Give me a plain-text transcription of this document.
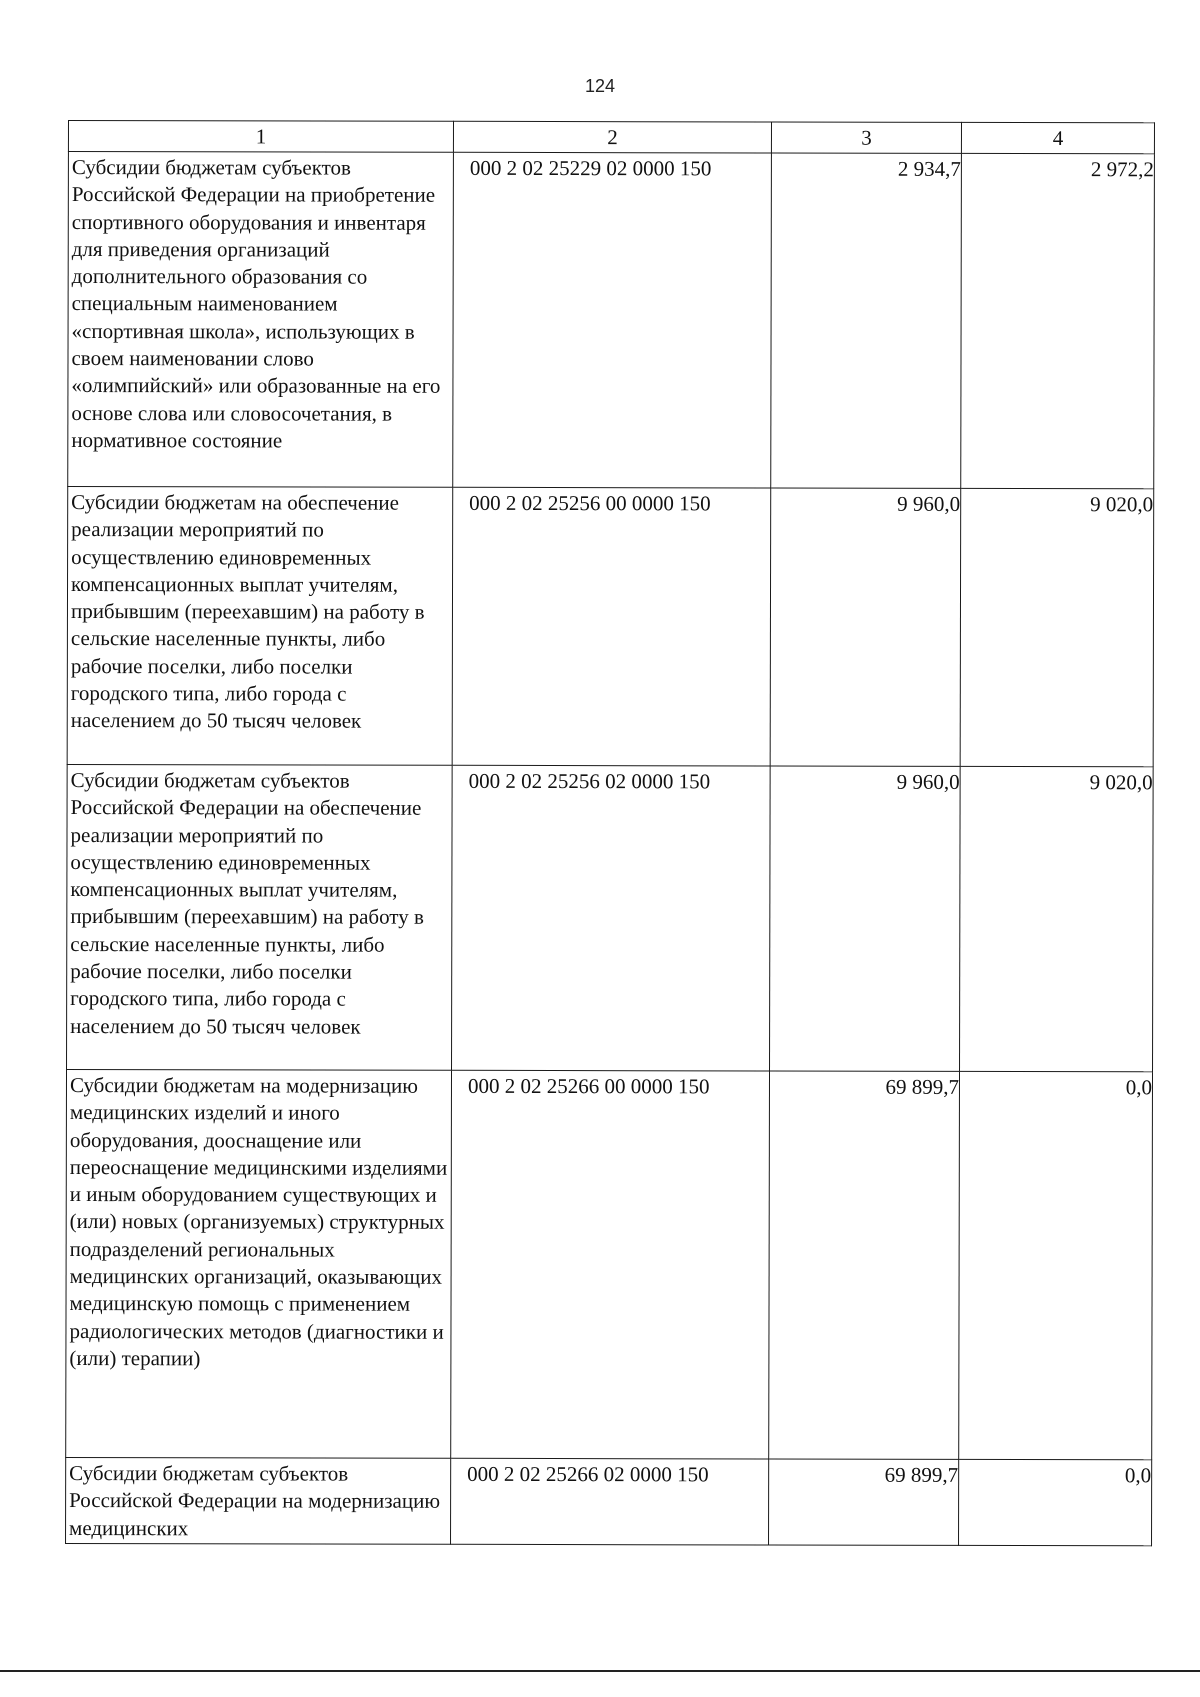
124
1	2	3	4
Субсидии бюджетам субъектов Российской Федерации на приобретение спортивного оборудования и инвентаря для приведения организаций дополнительного образования со специальным наименованием «спортивная школа», использующих в своем наименовании слово «олимпийский» или образованные на его основе слова или словосочетания, в нормативное состояние	000 2 02 25229 02 0000 150	2 934,7	2 972,2
Субсидии бюджетам на обеспечение реализации мероприятий по осуществлению единовременных компенсационных выплат учителям, прибывшим (переехавшим) на работу в сельские населенные пункты, либо рабочие поселки, либо поселки городского типа, либо города с населением до 50 тысяч человек	000 2 02 25256 00 0000 150	9 960,0	9 020,0
Субсидии бюджетам субъектов Российской Федерации на обеспечение реализации мероприятий по осуществлению единовременных компенсационных выплат учителям, прибывшим (переехавшим) на работу в сельские населенные пункты, либо рабочие поселки, либо поселки городского типа, либо города с населением до 50 тысяч человек	000 2 02 25256 02 0000 150	9 960,0	9 020,0
Субсидии бюджетам на модернизацию медицинских изделий и иного оборудования, дооснащение или переоснащение медицинскими изделиями и иным оборудованием существующих и (или) новых (организуемых) структурных подразделений региональных медицинских организаций, оказывающих медицинскую помощь с применением радиологических методов (диагностики и (или) терапии)	000 2 02 25266 00 0000 150	69 899,7	0,0
Субсидии бюджетам субъектов Российской Федерации на модернизацию медицинских	000 2 02 25266 02 0000 150	69 899,7	0,0
